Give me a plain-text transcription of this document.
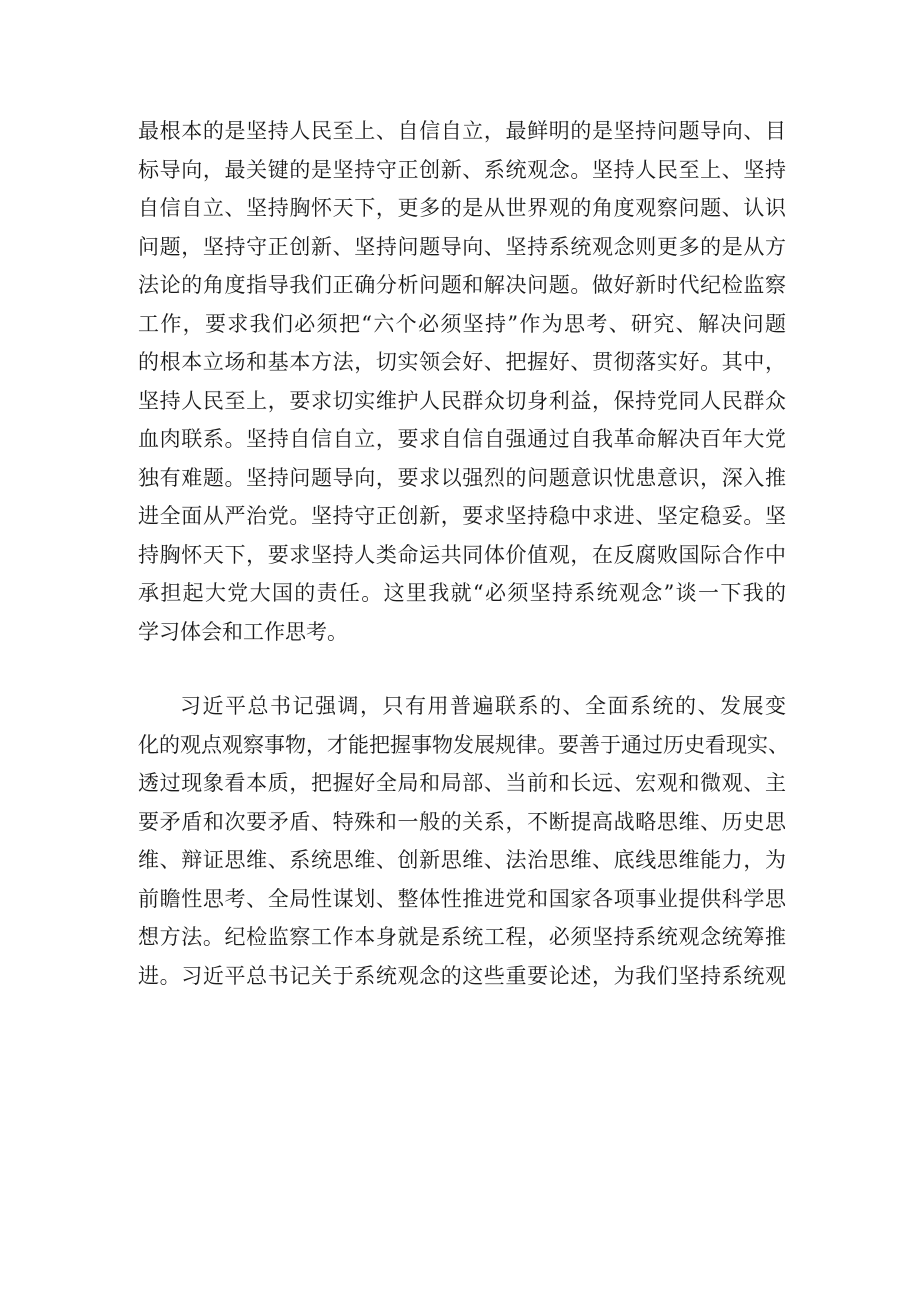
最根本的是坚持人民至上、自信自立，最鲜明的是坚持问题导向、目
标导向，最关键的是坚持守正创新、系统观念。坚持人民至上、坚持
自信自立、坚持胸怀天下，更多的是从世界观的角度观察问题、认识
问题，坚持守正创新、坚持问题导向、坚持系统观念则更多的是从方
法论的角度指导我们正确分析问题和解决问题。做好新时代纪检监察
工作，要求我们必须把“六个必须坚持”作为思考、研究、解决问题
的根本立场和基本方法，切实领会好、把握好、贯彻落实好。其中，
坚持人民至上，要求切实维护人民群众切身利益，保持党同人民群众
血肉联系。坚持自信自立，要求自信自强通过自我革命解决百年大党
独有难题。坚持问题导向，要求以强烈的问题意识忧患意识，深入推
进全面从严治党。坚持守正创新，要求坚持稳中求进、坚定稳妥。坚
持胸怀天下，要求坚持人类命运共同体价值观，在反腐败国际合作中
承担起大党大国的责任。这里我就“必须坚持系统观念”谈一下我的
学习体会和工作思考。
习近平总书记强调，只有用普遍联系的、全面系统的、发展变
化的观点观察事物，才能把握事物发展规律。要善于通过历史看现实、
透过现象看本质，把握好全局和局部、当前和长远、宏观和微观、主
要矛盾和次要矛盾、特殊和一般的关系，不断提高战略思维、历史思
维、辩证思维、系统思维、创新思维、法治思维、底线思维能力，为
前瞻性思考、全局性谋划、整体性推进党和国家各项事业提供科学思
想方法。纪检监察工作本身就是系统工程，必须坚持系统观念统筹推
进。习近平总书记关于系统观念的这些重要论述，为我们坚持系统观
